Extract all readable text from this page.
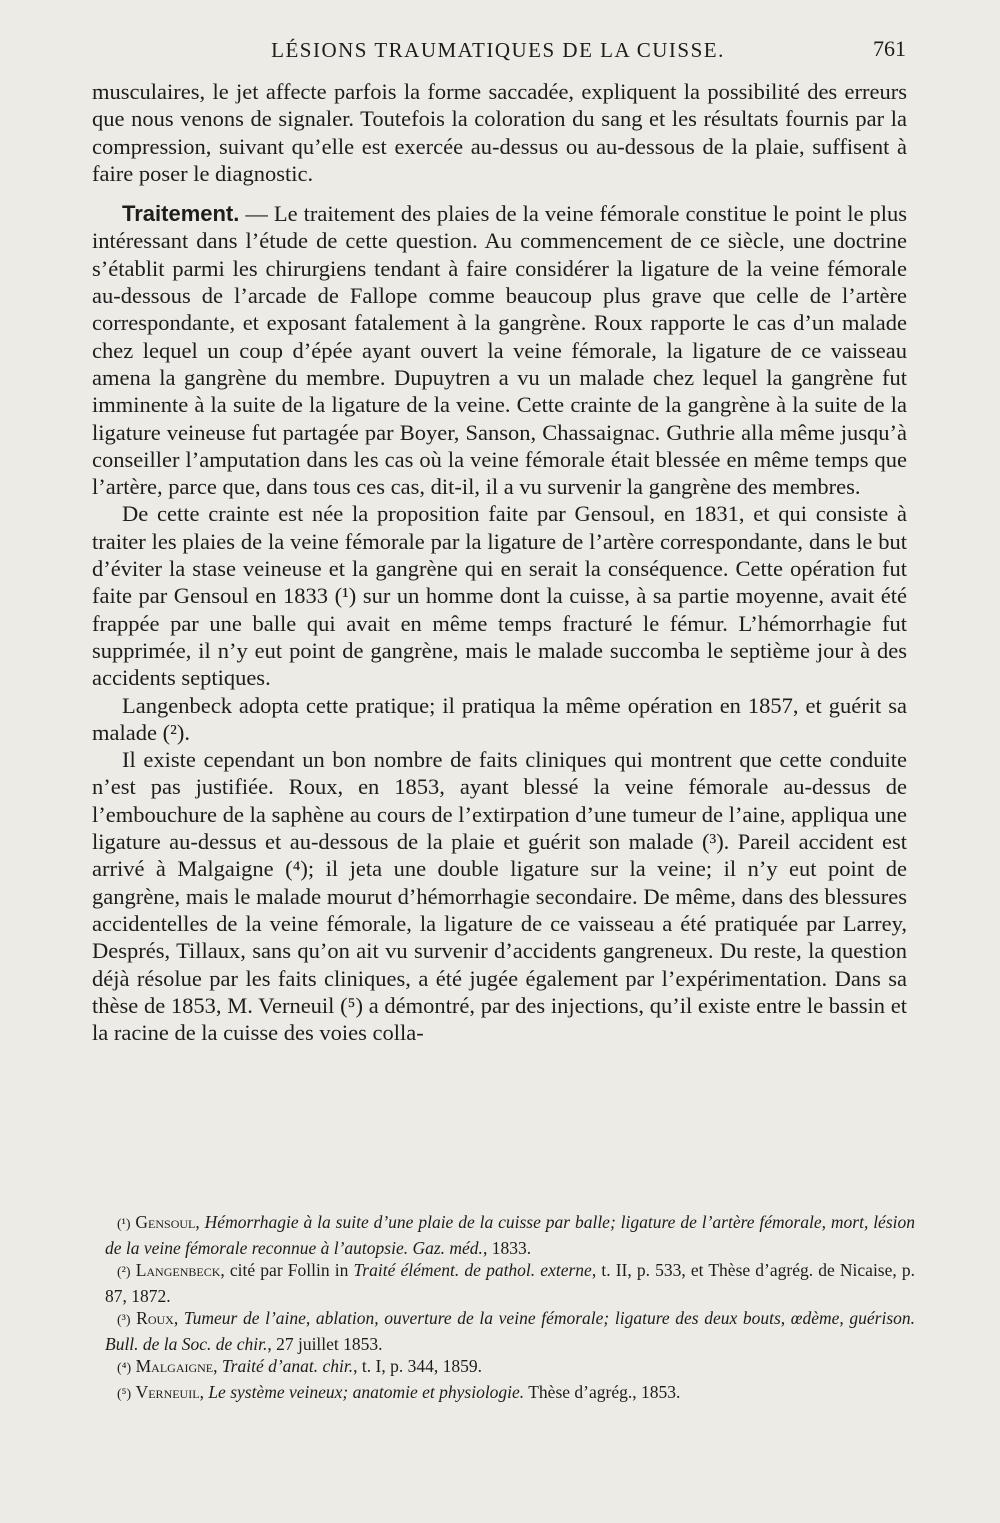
LÉSIONS TRAUMATIQUES DE LA CUISSE.	761

musculaires, le jet affecte parfois la forme saccadée, expliquent la possibilité des erreurs que nous venons de signaler. Toutefois la coloration du sang et les résultats fournis par la compression, suivant qu’elle est exercée au-dessus ou au-dessous de la plaie, suffisent à faire poser le diagnostic.

Traitement. — Le traitement des plaies de la veine fémorale constitue le point le plus intéressant dans l’étude de cette question. Au commencement de ce siècle, une doctrine s’établit parmi les chirurgiens tendant à faire considérer la ligature de la veine fémorale au-dessous de l’arcade de Fallope comme beaucoup plus grave que celle de l’artère correspondante, et exposant fatalement à la gangrène. Roux rapporte le cas d’un malade chez lequel un coup d’épée ayant ouvert la veine fémorale, la ligature de ce vaisseau amena la gangrène du membre. Dupuytren a vu un malade chez lequel la gangrène fut imminente à la suite de la ligature de la veine. Cette crainte de la gangrène à la suite de la ligature veineuse fut partagée par Boyer, Sanson, Chassaignac. Guthrie alla même jusqu’à conseiller l’amputation dans les cas où la veine fémorale était blessée en même temps que l’artère, parce que, dans tous ces cas, dit-il, il a vu survenir la gangrène des membres.

De cette crainte est née la proposition faite par Gensoul, en 1831, et qui consiste à traiter les plaies de la veine fémorale par la ligature de l’artère correspondante, dans le but d’éviter la stase veineuse et la gangrène qui en serait la conséquence. Cette opération fut faite par Gensoul en 1833 (¹) sur un homme dont la cuisse, à sa partie moyenne, avait été frappée par une balle qui avait en même temps fracturé le fémur. L’hémorrhagie fut supprimée, il n’y eut point de gangrène, mais le malade succomba le septième jour à des accidents septiques.

Langenbeck adopta cette pratique; il pratiqua la même opération en 1857, et guérit sa malade (²).

Il existe cependant un bon nombre de faits cliniques qui montrent que cette conduite n’est pas justifiée. Roux, en 1853, ayant blessé la veine fémorale au-dessus de l’embouchure de la saphène au cours de l’extirpation d’une tumeur de l’aine, appliqua une ligature au-dessus et au-dessous de la plaie et guérit son malade (³). Pareil accident est arrivé à Malgaigne (⁴); il jeta une double ligature sur la veine; il n’y eut point de gangrène, mais le malade mourut d’hémorrhagie secondaire. De même, dans des blessures accidentelles de la veine fémorale, la ligature de ce vaisseau a été pratiquée par Larrey, Després, Tillaux, sans qu’on ait vu survenir d’accidents gangreneux. Du reste, la question déjà résolue par les faits cliniques, a été jugée également par l’expérimentation. Dans sa thèse de 1853, M. Verneuil (⁵) a démontré, par des injections, qu’il existe entre le bassin et la racine de la cuisse des voies colla-

(¹) Gensoul, Hémorrhagie à la suite d’une plaie de la cuisse par balle; ligature de l’artère fémorale, mort, lésion de la veine fémorale reconnue à l’autopsie. Gaz. méd., 1833.

(²) Langenbeck, cité par Follin in Traité élément. de pathol. externe, t. II, p. 533, et Thèse d’agrég. de Nicaise, p. 87, 1872.

(³) Roux, Tumeur de l’aine, ablation, ouverture de la veine fémorale; ligature des deux bouts, œdème, guérison. Bull. de la Soc. de chir., 27 juillet 1853.

(⁴) Malgaigne, Traité d’anat. chir., t. I, p. 344, 1859.

(⁵) Verneuil, Le système veineux; anatomie et physiologie. Thèse d’agrég., 1853.
